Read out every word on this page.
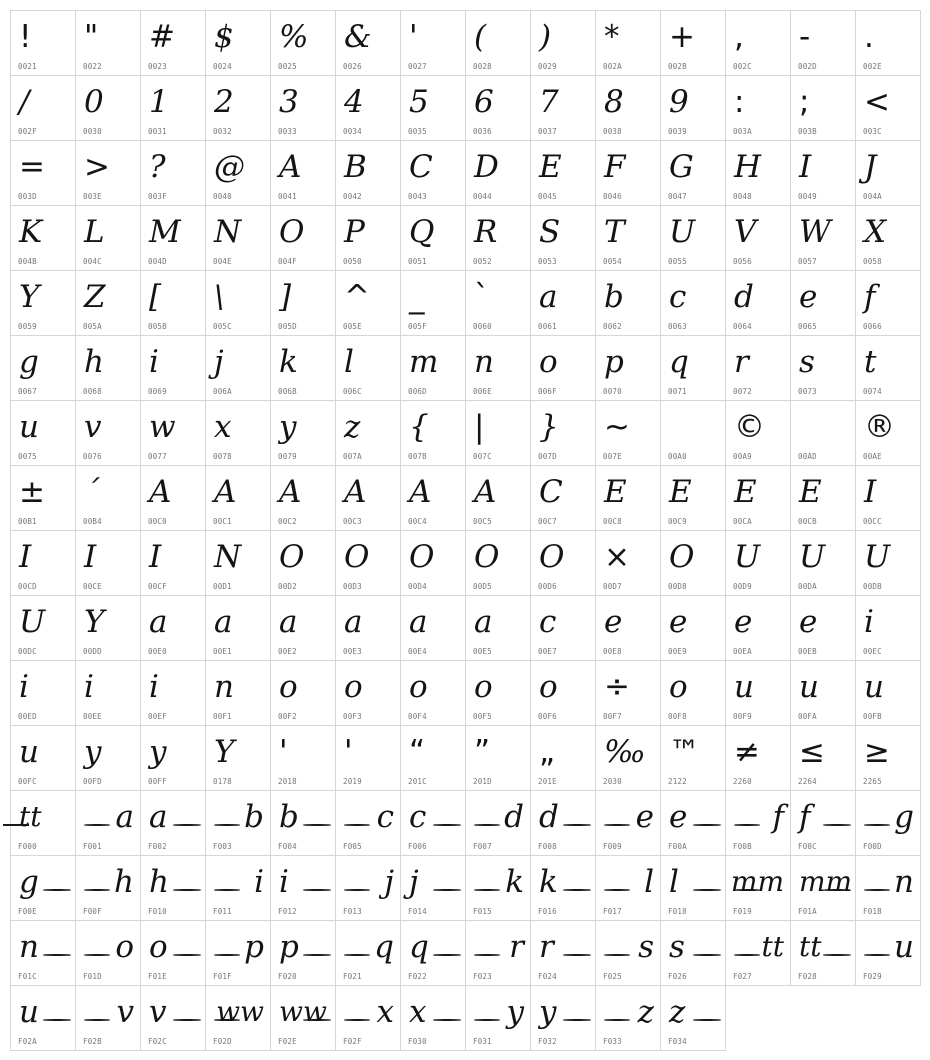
!
0021
"
0022
#
0023
$
0024
%
0025
&
0026
'
0027
(
0028
)
0029
*
002A
+
002B
,
002C
-
002D
.
002E
/
002F
0
0030
1
0031
2
0032
3
0033
4
0034
5
0035
6
0036
7
0037
8
0038
9
0039
:
003A
;
003B
<
003C
=
003D
>
003E
?
003F
@
0040
A
0041
B
0042
C
0043
D
0044
E
0045
F
0046
G
0047
H
0048
I
0049
J
004A
K
004B
L
004C
M
004D
N
004E
O
004F
P
0050
Q
0051
R
0052
S
0053
T
0054
U
0055
V
0056
W
0057
X
0058
Y
0059
Z
005A
[
005B
\
005C
]
005D
^
005E
_
005F
`
0060
a
0061
b
0062
c
0063
d
0064
e
0065
f
0066
g
0067
h
0068
i
0069
j
006A
k
006B
l
006C
m
006D
n
006E
o
006F
p
0070
q
0071
r
0072
s
0073
t
0074
u
0075
v
0076
w
0077
x
0078
y
0079
z
007A
{
007B
|
007C
}
007D
~
007E	00A0
©
00A9	00AD
®
00AE
±
00B1
´
00B4
A
00C0
A
00C1
A
00C2
A
00C3
A
00C4
A
00C5
C
00C7
E
00C8
E
00C9
E
00CA
E
00CB
I
00CC
I
00CD
I
00CE
I
00CF
N
00D1
O
00D2
O
00D3
O
00D4
O
00D5
O
00D6
×
00D7
O
00D8
U
00D9
U
00DA
U
00DB
U
00DC
Y
00DD
a
00E0
a
00E1
a
00E2
a
00E3
a
00E4
a
00E5
c
00E7
e
00E8
e
00E9
e
00EA
e
00EB
i
00EC
i
00ED
i
00EE
i
00EF
n
00F1
o
00F2
o
00F3
o
00F4
o
00F5
o
00F6
÷
00F7
o
00F8
u
00F9
u
00FA
u
00FB
u
00FC
y
00FD
y
00FF
Y
0178
'
2018
'
2019
“
201C
”
201D
„
201E
‰
2030
™
2122
≠
2260
≤
2264
≥
2265
tt
F000
a
F001
a
F002
b
F003
b
F004
c
F005
c
F006
d
F007
d
F008
e
F009
e
F00A
f
F00B
f
F00C
g
F00D
g
F00E
h
F00F
h
F010
i
F011
i
F012
j
F013
j
F014
k
F015
k
F016
l
F017
l
F018
mm
F019
mm
F01A
n
F01B
n
F01C
o
F01D
o
F01E
p
F01F
p
F020
q
F021
q
F022
r
F023
r
F024
s
F025
s
F026
tt
F027
tt
F028
u
F029
u
F02A
v
F02B
v
F02C
ww
F02D
ww
F02E
x
F02F
x
F030
y
F031
y
F032
z
F033
z
F034
